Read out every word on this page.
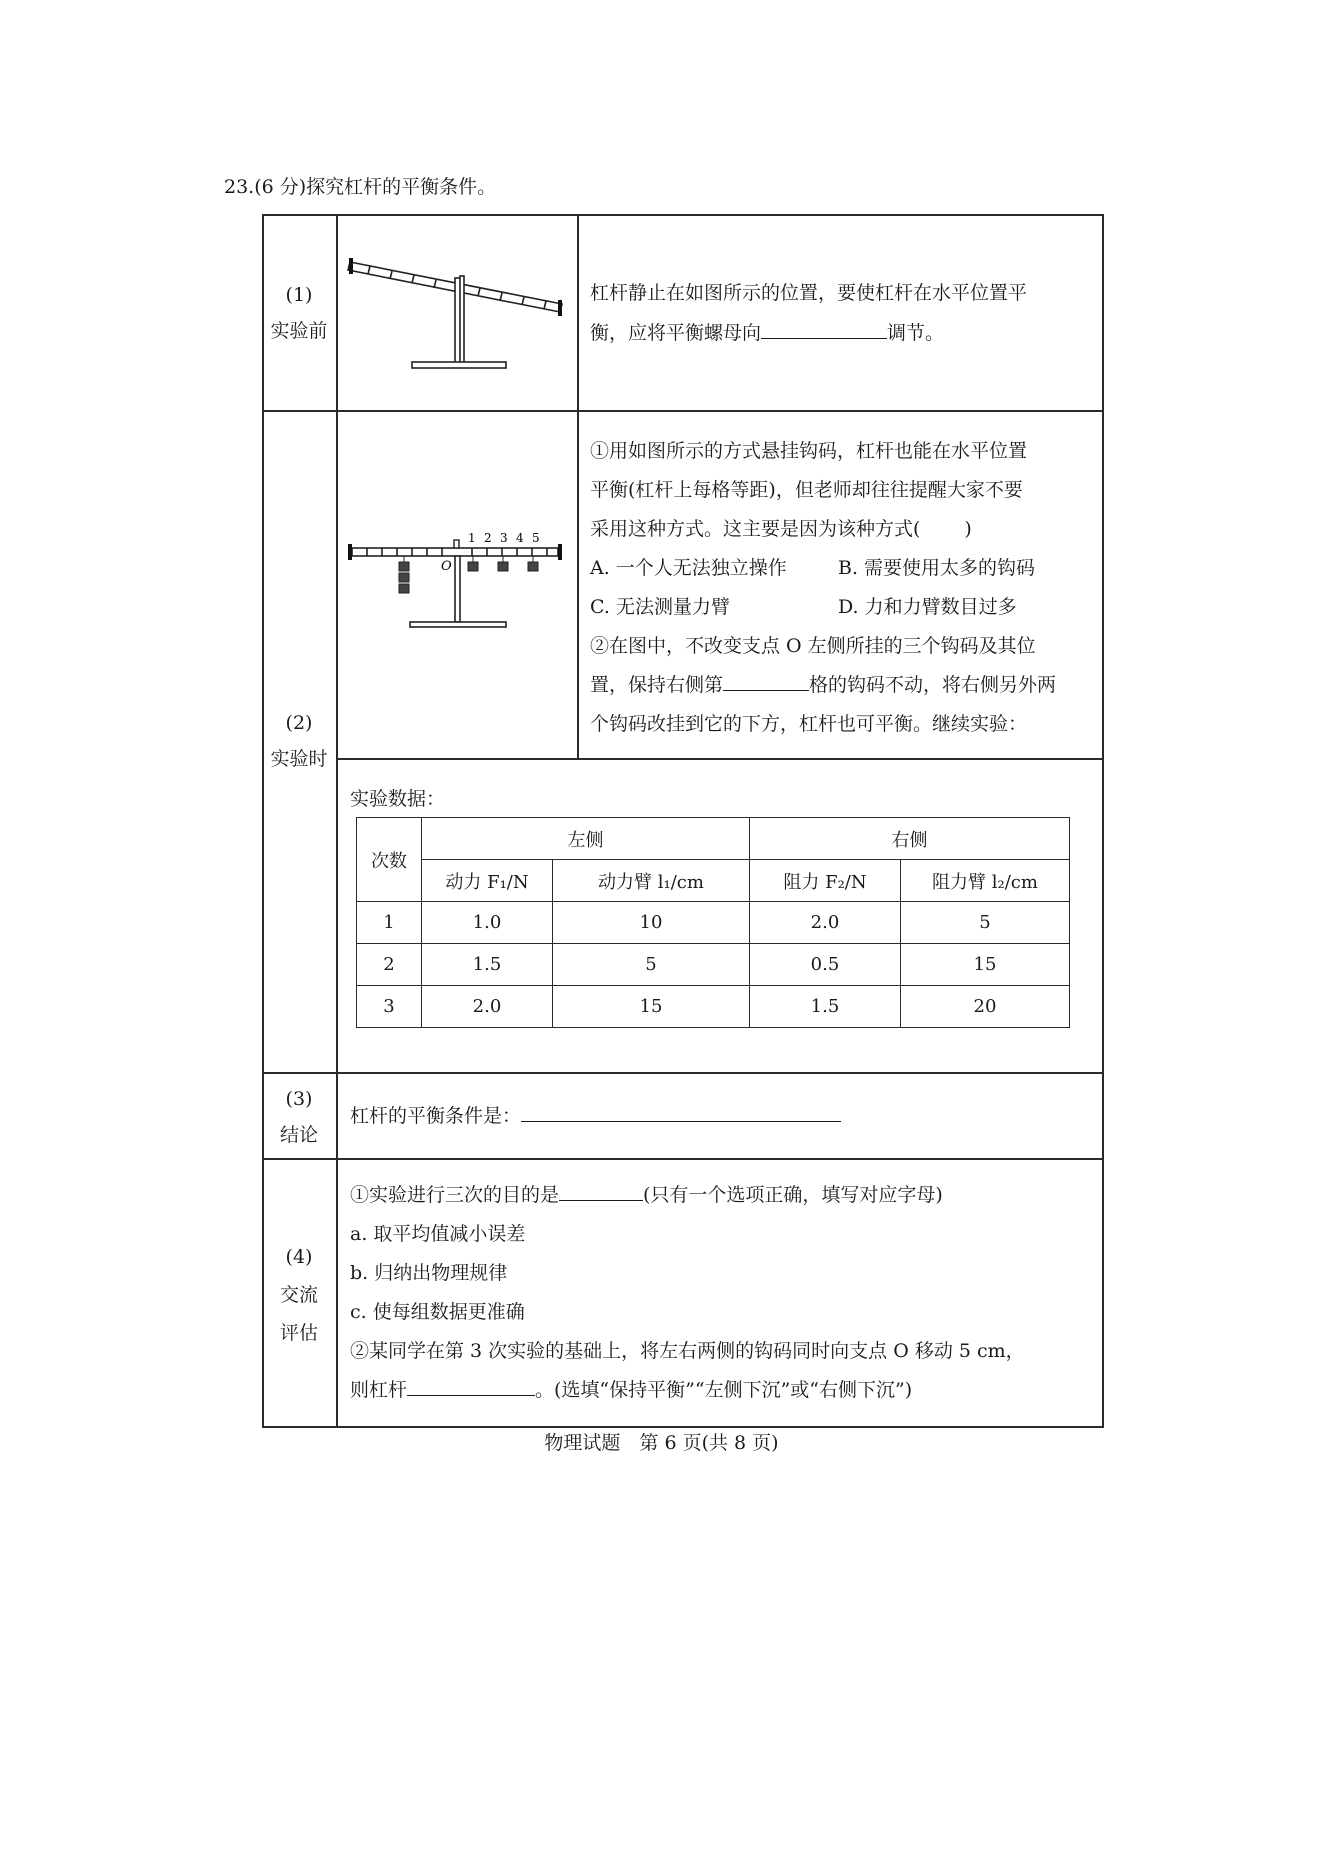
23.(6 分)探究杠杆的平衡条件。
(1)
实验前
杠杆静止在如图所示的位置，要使杠杆在水平位置平
衡，应将平衡螺母向	调节。
(2)
实验时
O
1 2 3 4 5
①用如图所示的方式悬挂钩码，杠杆也能在水平位置
平衡(杠杆上每格等距)，但老师却往往提醒大家不要
采用这种方式。这主要是因为该种方式( )
A. 一个人无法独立操作	B. 需要使用太多的钩码
C. 无法测量力臂	D. 力和力臂数目过多
②在图中，不改变支点 O 左侧所挂的三个钩码及其位
置，保持右侧第	格的钩码不动，将右侧另外两
个钩码改挂到它的下方，杠杆也可平衡。继续实验：
实验数据：
次数	左侧		右侧	
	动力 F₁/N	动力臂 l₁/cm	阻力 F₂/N	阻力臂 l₂/cm
1	1.0	10	2.0	5
2	1.5	5	0.5	15
3	2.0	15	1.5	20
(3)
结论
杠杆的平衡条件是：
(4)
交流
评估
①实验进行三次的目的是	(只有一个选项正确，填写对应字母)
a. 取平均值减小误差
b. 归纳出物理规律
c. 使每组数据更准确
②某同学在第 3 次实验的基础上，将左右两侧的钩码同时向支点 O 移动 5 cm，
则杠杆	。(选填“保持平衡”“左侧下沉”或“右侧下沉”)
物理试题　第 6 页(共 8 页)
